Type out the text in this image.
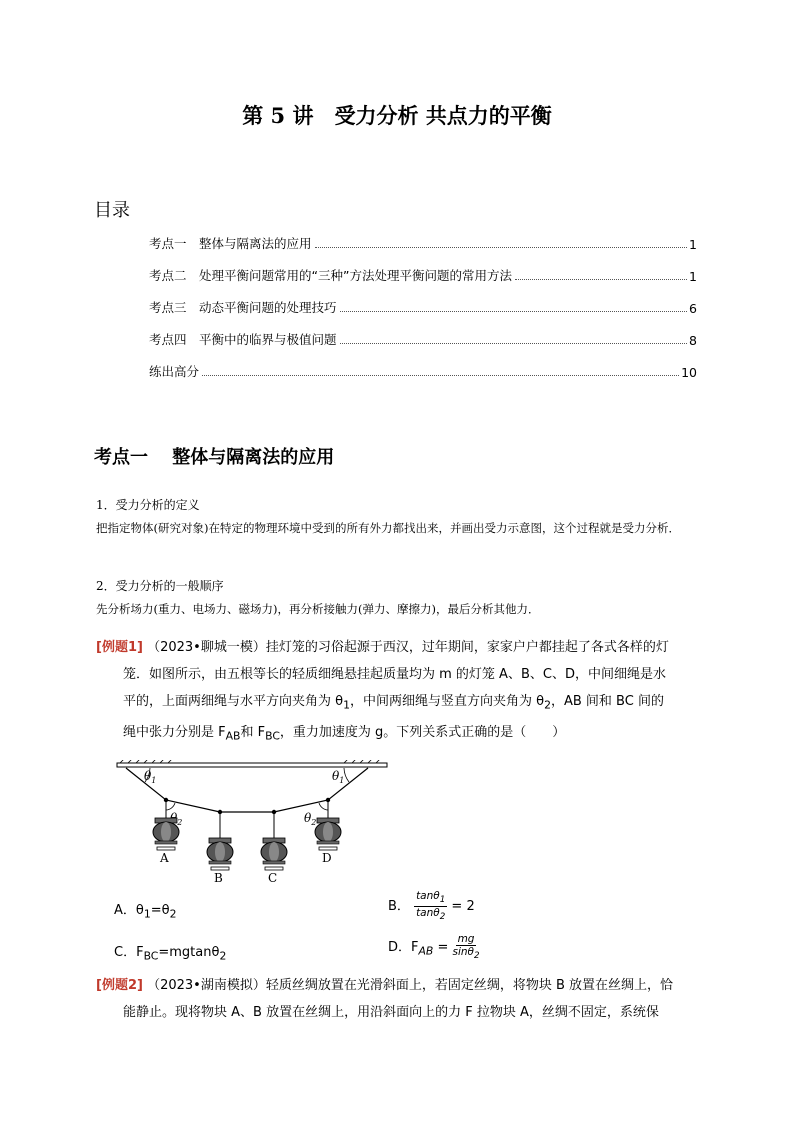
第 5 讲　受力分析 共点力的平衡
目录
考点一　整体与隔离法的应用	1
考点二　处理平衡问题常用的“三种”方法处理平衡问题的常用方法	1
考点三　动态平衡问题的处理技巧	6
考点四　平衡中的临界与极值问题	8
练出高分	10
考点一　 整体与隔离法的应用
1．受力分析的定义
把指定物体(研究对象)在特定的物理环境中受到的所有外力都找出来，并画出受力示意图，这个过程就是受力分析．
2．受力分析的一般顺序
先分析场力(重力、电场力、磁场力)，再分析接触力(弹力、摩擦力)，最后分析其他力．
[例题1] （2023•聊城一模）挂灯笼的习俗起源于西汉，过年期间，家家户户都挂起了各式各样的灯
笼．如图所示，由五根等长的轻质细绳悬挂起质量均为 m 的灯笼 A、B、C、D，中间细绳是水
平的，上面两细绳与水平方向夹角为 $\theta_1$，中间两细绳与竖直方向夹角为 $\theta_2$，AB 间和 BC 间的
绳中张力分别是 $F_{AB}$和 $F_{BC}$，重力加速度为 g。下列关系式正确的是（　　）
$\theta_1$	$\theta_1$
$_2$	$\theta_2$
A
B	C
D
A．$\theta_1=\theta_2$	B． $\frac{\tan\theta_1}{\tan\theta_2} = 2$
C．$F_{BC}=mgtan\theta_2$
D．$F_{AB} = \frac{mg}{\sin\theta_2}$
[例题2] （2023•湖南模拟）轻质丝绸放置在光滑斜面上，若固定丝绸，将物块 B 放置在丝绸上，恰
能静止。现将物块 A、B 放置在丝绸上，用沿斜面向上的力 F 拉物块 A，丝绸不固定，系统保
